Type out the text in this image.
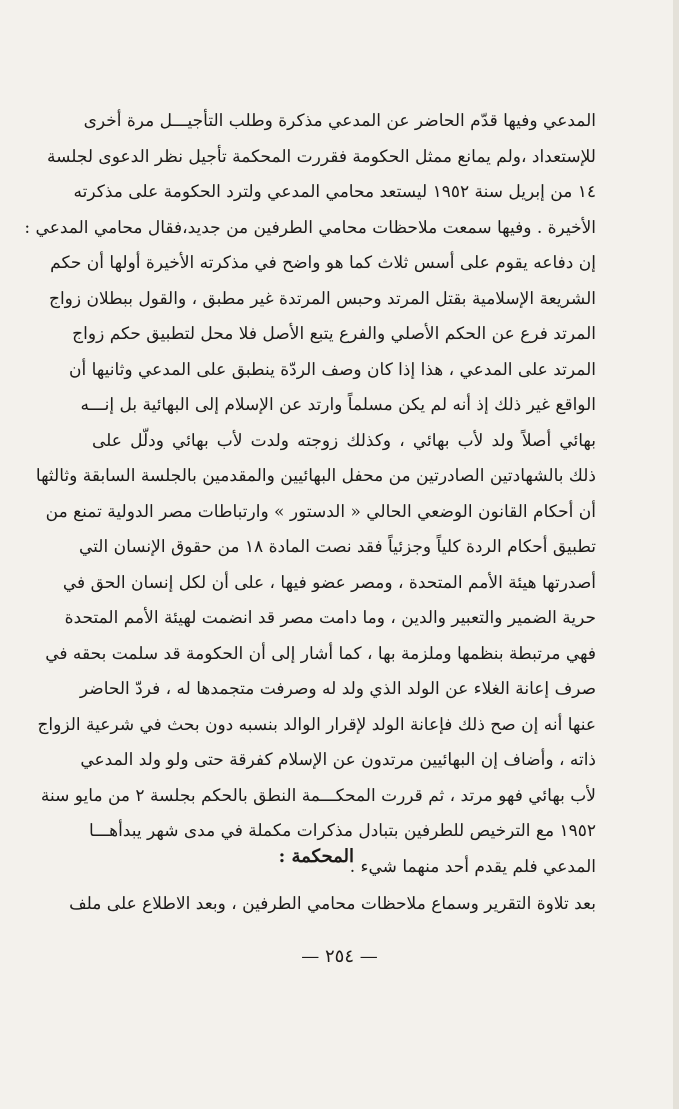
المدعي وفيها قدّم الحاضر عن المدعي مذكرة وطلب التأجيـــل مرة أخرى
للإستعداد ،ولم يمانع ممثل الحكومة فقررت المحكمة تأجيل نظر الدعوى لجلسة
١٤ من إبريل سنة ١٩٥٢ ليستعد محامي المدعي ولترد الحكومة على مذكرته
الأخيرة . وفيها سمعت ملاحظات محامي الطرفين من جديد،فقال محامي المدعي :
إن دفاعه يقوم على أسس ثلاث كما هو واضح في مذكرته الأخيرة أولها أن حكم
الشريعة الإسلامية بقتل المرتد وحبس المرتدة غير مطبق ، والقول ببطلان زواج
المرتد فرع عن الحكم الأصلي والفرع يتبع الأصل فلا محل لتطبيق حكم زواج
المرتد على المدعي ، هذا إذا كان وصف الردّة ينطبق على المدعي وثانيها أن
الواقع غير ذلك إذ أنه لم يكن مسلماً وارتد عن الإسلام إلى البهائية بل إنـــه
بهائي أصلاً ولد لأب بهائي ، وكذلك زوجته ولدت لأب بهائي ودلّل على
ذلك بالشهادتين الصادرتين من محفل البهائيين والمقدمين بالجلسة السابقة وثالثها
أن أحكام القانون الوضعي الحالي « الدستور » وارتباطات مصر الدولية تمنع من
تطبيق أحكام الردة كلياً وجزئياً فقد نصت المادة ١٨ من حقوق الإنسان التي
أصدرتها هيئة الأمم المتحدة ، ومصر عضو فيها ، على أن لكل إنسان الحق في
حرية الضمير والتعبير والدين ، وما دامت مصر قد انضمت لهيئة الأمم المتحدة
فهي مرتبطة بنظمها وملزمة بها ، كما أشار إلى أن الحكومة قد سلمت بحقه في
صرف إعانة الغلاء عن الولد الذي ولد له وصرفت متجمدها له ، فردّ الحاضر
عنها أنه إن صح ذلك فإعانة الولد لإقرار الوالد بنسبه دون بحث في شرعية الزواج
ذاته ، وأضاف إن البهائيين مرتدون عن الإسلام كفرقة حتى ولو ولد المدعي
لأب بهائي فهو مرتد ، ثم قررت المحكـــمة النطق بالحكم بجلسة ٢ من مايو سنة
١٩٥٢ مع الترخيص للطرفين بتبادل مذكرات مكملة في مدى شهر يبدأهـــا
المدعي فلم يقدم أحد منهما شيء .
المحكمة :
بعد تلاوة التقرير وسماع ملاحظات محامي الطرفين ، وبعد الاطلاع على ملف
— ٢٥٤ —
